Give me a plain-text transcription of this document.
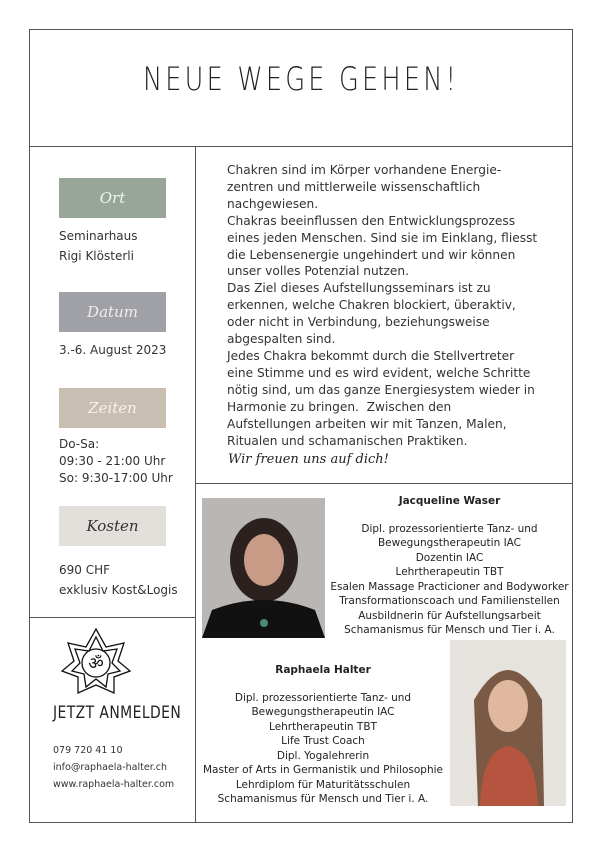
NEUE WEGE GEHEN!
Ort
Seminarhaus
Rigi Klösterli
Datum
3.-6. August 2023
Zeiten
Do-Sa:
09:30 - 21:00 Uhr
So: 9:30-17:00 Uhr
Kosten
690 CHF
exklusiv Kost&Logis
ॐ
JETZT ANMELDEN
079 720 41 10
info@raphaela-halter.ch
www.raphaela-halter.com
Chakren sind im Körper vorhandene Energie-
zentren und mittlerweile wissenschaftlich
nachgewiesen.
Chakras beeinflussen den Entwicklungsprozess
eines jeden Menschen. Sind sie im Einklang, fliesst
die Lebensenergie ungehindert und wir können
unser volles Potenzial nutzen.
Das Ziel dieses Aufstellungsseminars ist zu
erkennen, welche Chakren blockiert, überaktiv,
oder nicht in Verbindung, beziehungsweise
abgespalten sind.
Jedes Chakra bekommt durch die Stellvertreter
eine Stimme und es wird evident, welche Schritte
nötig sind, um das ganze Energiesystem wieder in
Harmonie zu bringen.  Zwischen den
Aufstellungen arbeiten wir mit Tanzen, Malen,
Ritualen und schamanischen Praktiken.
Wir freuen uns auf dich!
Jacqueline Waser
Dipl. prozessorientierte Tanz- und
Bewegungstherapeutin IAC
Dozentin IAC
Lehrtherapeutin TBT
Esalen Massage Practicioner and Bodyworker
Transformationscoach und Familienstellen
Ausbildnerin für Aufstellungsarbeit
Schamanismus für Mensch und Tier i. A.
Raphaela Halter
Dipl. prozessorientierte Tanz- und
Bewegungstherapeutin IAC
Lehrtherapeutin TBT
Life Trust Coach
Dipl. Yogalehrerin
Master of Arts in Germanistik und Philosophie
Lehrdiplom für Maturitätsschulen
Schamanismus für Mensch und Tier i. A.
